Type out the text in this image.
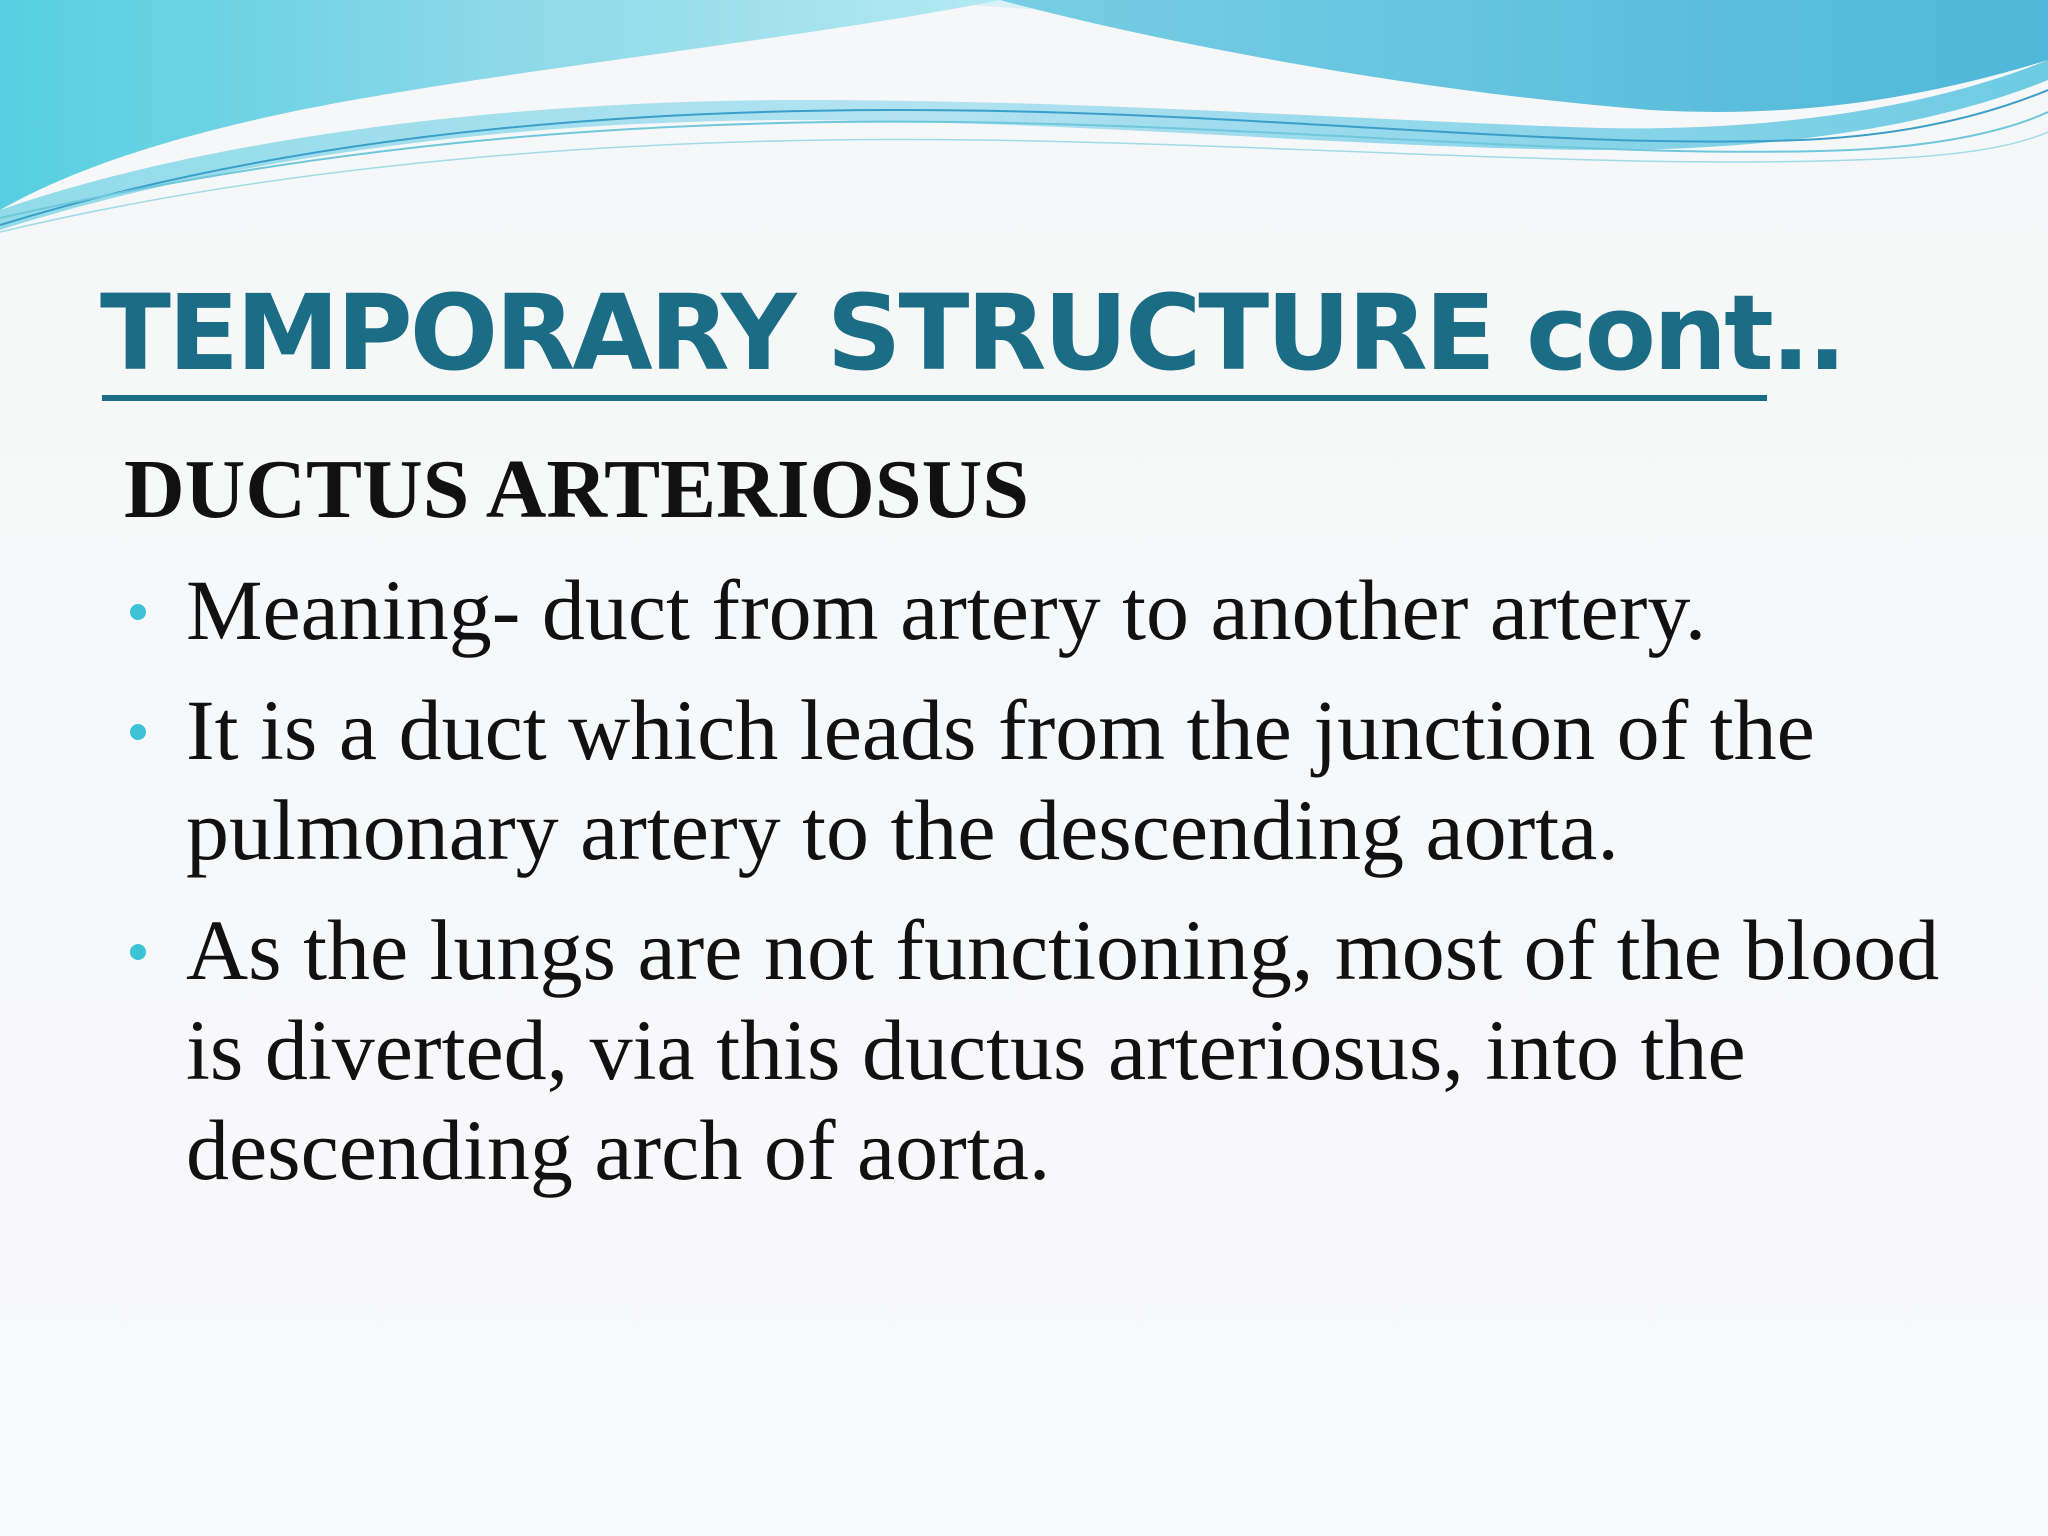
TEMPORARY STRUCTURE cont..
DUCTUS ARTERIOSUS
Meaning- duct from artery to another artery.
It is a duct which leads from the junction of the pulmonary artery to the descending aorta.
As the lungs are not functioning, most of the blood is diverted, via this ductus arteriosus, into the descending arch of aorta.
